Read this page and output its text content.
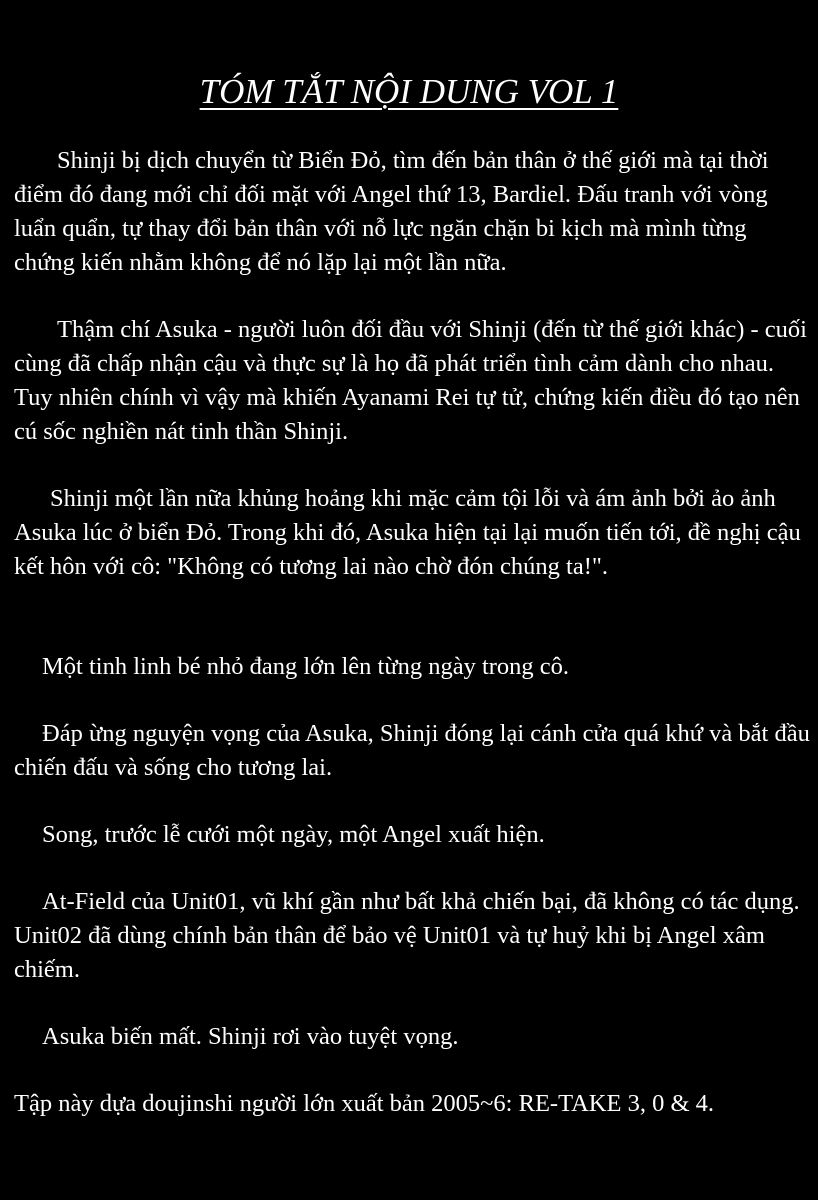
TÓM TẮT NỘI DUNG VOL 1

Shinji bị dịch chuyển từ Biển Đỏ, tìm đến bản thân ở thế giới mà tại thời điểm đó đang mới chỉ đối mặt với Angel thứ 13, Bardiel. Đấu tranh với vòng luẩn quẩn, tự thay đổi bản thân với nỗ lực ngăn chặn bi kịch mà mình từng chứng kiến nhằm không để nó lặp lại một lần nữa.

Thậm chí Asuka - người luôn đối đầu với Shinji (đến từ thế giới khác) - cuối cùng đã chấp nhận cậu và thực sự là họ đã phát triển tình cảm dành cho nhau. Tuy nhiên chính vì vậy mà khiến Ayanami Rei tự tử, chứng kiến điều đó tạo nên cú sốc nghiền nát tinh thần Shinji.

Shinji một lần nữa khủng hoảng khi mặc cảm tội lỗi và ám ảnh bởi ảo ảnh Asuka lúc ở biển Đỏ. Trong khi đó, Asuka hiện tại lại muốn tiến tới, đề nghị cậu kết hôn với cô: "Không có tương lai nào chờ đón chúng ta!".

Một tinh linh bé nhỏ đang lớn lên từng ngày trong cô.

Đáp ừng nguyện vọng của Asuka, Shinji đóng lại cánh cửa quá khứ và bắt đầu chiến đấu và sống cho tương lai.

Song, trước lễ cưới một ngày, một Angel xuất hiện.

At-Field của Unit01, vũ khí gần như bất khả chiến bại, đã không có tác dụng. Unit02 đã dùng chính bản thân để bảo vệ Unit01 và tự huỷ khi bị Angel xâm chiếm.

Asuka biến mất. Shinji rơi vào tuyệt vọng.

Tập này dựa doujinshi người lớn xuất bản 2005~6: RE-TAKE 3, 0 & 4.
